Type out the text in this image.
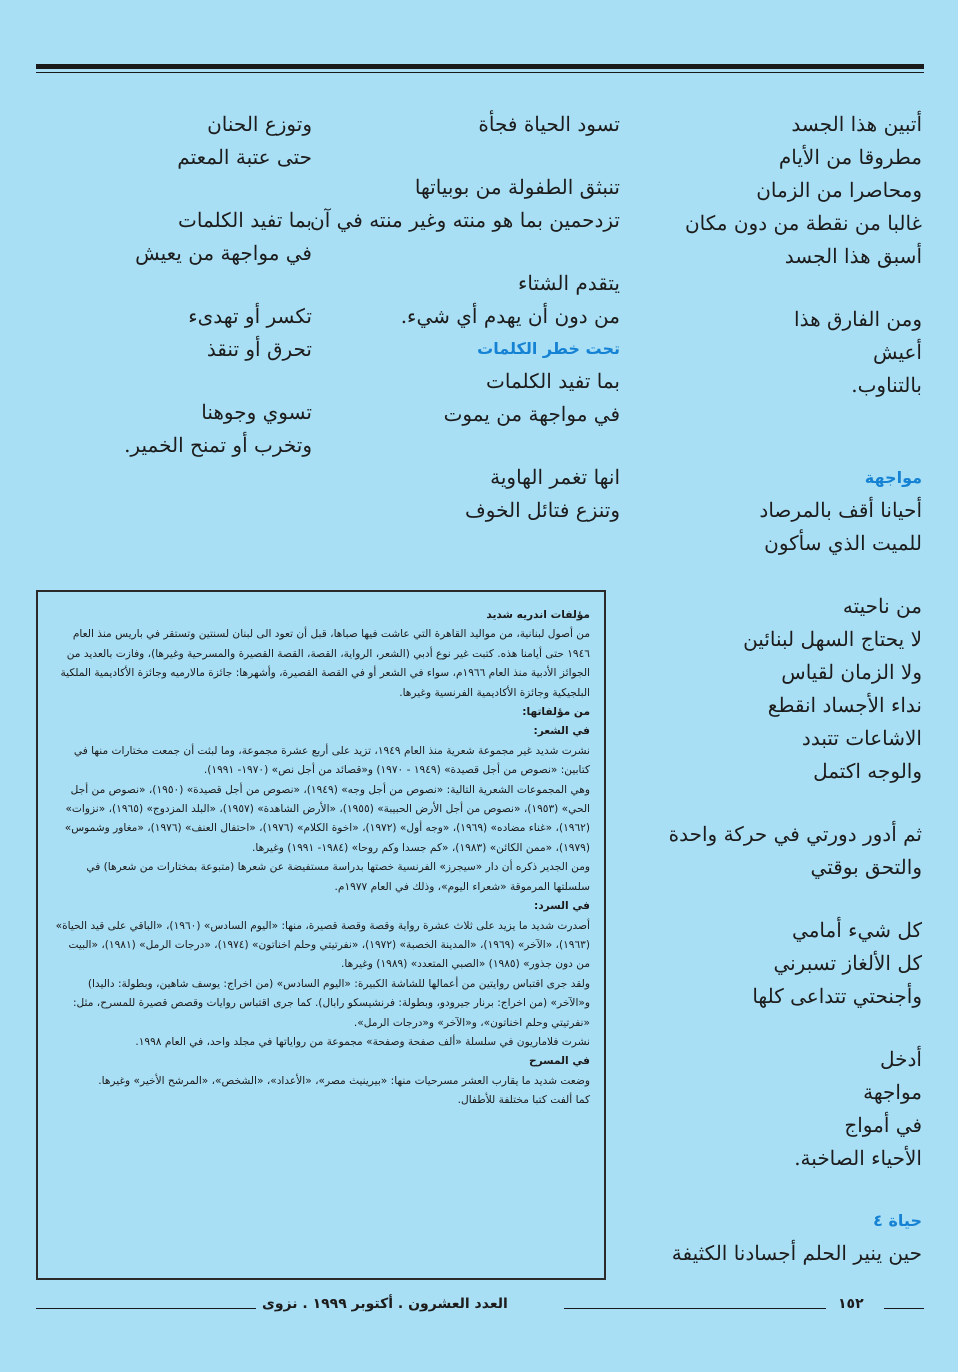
أتبين هذا الجسد
مطروقا من الأيام
ومحاصرا من الزمان
غالبا من نقطة من دون مكان
أسبق هذا الجسد
ومن الفارق هذا
أعيش
بالتناوب.
مواجهة
أحيانا أقف بالمرصاد
للميت الذي سأكون
من ناحيته
لا يحتاج السهل لبنائين
ولا الزمان لقياس
نداء الأجساد انقطع
الاشاعات تتبدد
والوجه اكتمل
ثم أدور دورتي في حركة واحدة
والتحق بوقتي
كل شيء أمامي
كل الألغاز تسبرني
وأجنحتي تتداعى كلها
أدخل
مواجهة
في أمواج
الأحياء الصاخبة.
حياة ٤
حين ينير الحلم أجسادنا الكثيفة
تسود الحياة فجأة
تنبثق الطفولة من بوبياتها
تزدحمين بما هو منته وغير منته في آن
يتقدم الشتاء
من دون أن يهدم أي شيء.
تحت خطر الكلمات
بما تفيد الكلمات
في مواجهة من يموت
انها تغمر الهاوية
وتنزع فتائل الخوف
وتوزع الحنان
حتى عتبة المعتم
بما تفيد الكلمات
في مواجهة من يعيش
تكسر أو تهدىء
تحرق أو تنقذ
تسوي وجوهنا
وتخرب أو تمنح الخمير.

مؤلفات اندريه شديد

من أصول لبنانية، من مواليد القاهرة التي عاشت فيها صباها، قبل أن تعود الى لبنان لسنتين وتستقر في باريس منذ العام ١٩٤٦ حتى أيامنا هذه. كتبت غير نوع أدبي (الشعر، الرواية، القصة، القصة القصيرة والمسرحية وغيرها)، وفازت بالعديد من الجوائز الأدبية منذ العام ١٩٦٦م، سواء في الشعر أو في القصة القصيرة، وأشهرها: جائزة مالارميه وجائزة الأكاديمية الملكية البلجيكية وجائزة الأكاديمية الفرنسية وغيرها.

من مؤلفاتها:

في الشعر:

نشرت شديد غير مجموعة شعرية منذ العام ١٩٤٩، تزيد على أربع عشرة مجموعة، وما لبثت أن جمعت مختارات منها في كتابين: «نصوص من أجل قصيدة» (١٩٤٩ - ١٩٧٠) و«قصائد من أجل نص» (١٩٧٠- ١٩٩١).

وهي المجموعات الشعرية التالية: «نصوص من أجل وجه» (١٩٤٩)، «نصوص من أجل قصيدة» (١٩٥٠)، «نصوص من أجل الحي» (١٩٥٣)، «نصوص من أجل الأرض الحبيبة» (١٩٥٥)، «الأرض الشاهدة» (١٩٥٧)، «البلد المزدوج» (١٩٦٥)، «نزوات» (١٩٦٢)، «غناء مضاده» (١٩٦٩)، «وجه أول» (١٩٧٢)، «اخوة الكلام» (١٩٧٦)، «احتفال العنف» (١٩٧٦)، «مغاور وشموس» (١٩٧٩)، «ممن الكائن» (١٩٨٣)، «كم جسدا وكم روحا» (١٩٨٤- ١٩٩١) وغيرها.

ومن الجدير ذكره أن دار «سيجرز» الفرنسية خصتها بدراسة مستفيضة عن شعرها (متبوعة بمختارات من شعرها) في سلسلتها المرموقة «شعراء اليوم»، وذلك في العام ١٩٧٧م.

في السرد:

أصدرت شديد ما يزيد على ثلاث عشرة رواية وقصة وقصة قصيرة، منها: «اليوم السادس» (١٩٦٠)، «الباقي على قيد الحياة» (١٩٦٣)، «الآخر» (١٩٦٩)، «المدينة الخصبة» (١٩٧٢)، «نفرتيتي وحلم اخناتون» (١٩٧٤)، «درجات الرمل» (١٩٨١)، «البيت من دون جذور» (١٩٨٥) «الصبي المتعدد» (١٩٨٩) وغيرها.

ولقد جرى اقتباس روايتين من أعمالها للشاشة الكبيرة: «اليوم السادس» (من اخراج: يوسف شاهين، وبطولة: داليدا) و«الآخر» (من اخراج: برنار جيرودو، وبطولة: فرنشيسكو رابال). كما جرى اقتباس روايات وقصص قصيرة للمسرح، مثل: «نفرتيتي وحلم اخناتون»، و«الآخر» و«درجات الرمل».

نشرت فلاماريون في سلسلة «ألف صفحة وصفحة» مجموعة من رواياتها في مجلد واحد، في العام ١٩٩٨.

في المسرح

وضعت شديد ما يقارب العشر مسرحيات منها: «بيرينيث مصر»، «الأعداد»، «الشخص»، «المرشح الأخير» وغيرها.

كما ألفت كتبا مختلفة للأطفال.

العدد العشرون . أكتوبر ١٩٩٩ . نزوى	١٥٢
